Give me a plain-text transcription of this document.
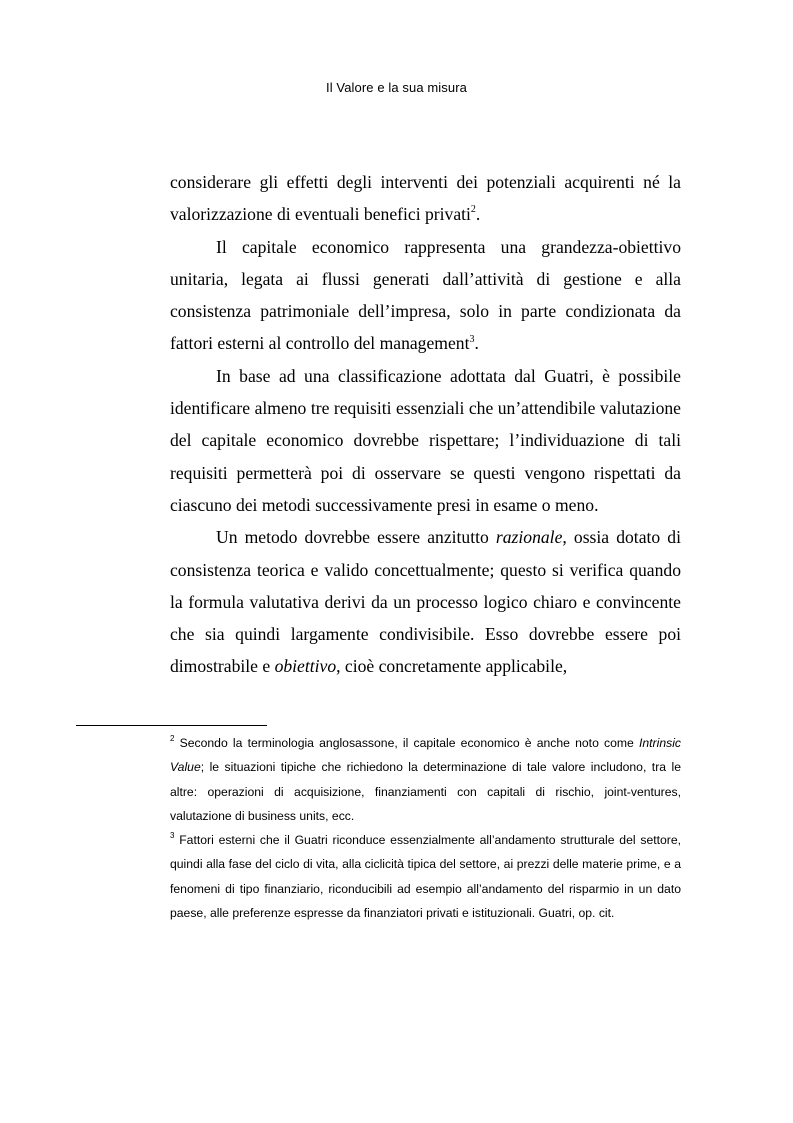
Il Valore e la sua misura

considerare gli effetti degli interventi dei potenziali acquirenti né la valorizzazione di eventuali benefici privati$^2$.

Il capitale economico rappresenta una grandezza-obiettivo unitaria, legata ai flussi generati dall’attività di gestione e alla consistenza patrimoniale dell’impresa, solo in parte condizionata da fattori esterni al controllo del management$^3$.

In base ad una classificazione adottata dal Guatri, è possibile identificare almeno tre requisiti essenziali che un’attendibile valutazione del capitale economico dovrebbe rispettare; l’individuazione di tali requisiti permetterà poi di osservare se questi vengono rispettati da ciascuno dei metodi successivamente presi in esame o meno.

Un metodo dovrebbe essere anzitutto razionale, ossia dotato di consistenza teorica e valido concettualmente; questo si verifica quando la formula valutativa derivi da un processo logico chiaro e convincente che sia quindi largamente condivisibile. Esso dovrebbe essere poi dimostrabile e obiettivo, cioè concretamente applicabile,

$^2$ Secondo la terminologia anglosassone, il capitale economico è anche noto come Intrinsic Value; le situazioni tipiche che richiedono la determinazione di tale valore includono, tra le altre: operazioni di acquisizione, finanziamenti con capitali di rischio, joint-ventures, valutazione di business units, ecc.

$^3$ Fattori esterni che il Guatri riconduce essenzialmente all’andamento strutturale del settore, quindi alla fase del ciclo di vita, alla ciclicità tipica del settore, ai prezzi delle materie prime, e a fenomeni di tipo finanziario, riconducibili ad esempio all’andamento del risparmio in un dato paese, alle preferenze espresse da finanziatori privati e istituzionali. Guatri, op. cit.
